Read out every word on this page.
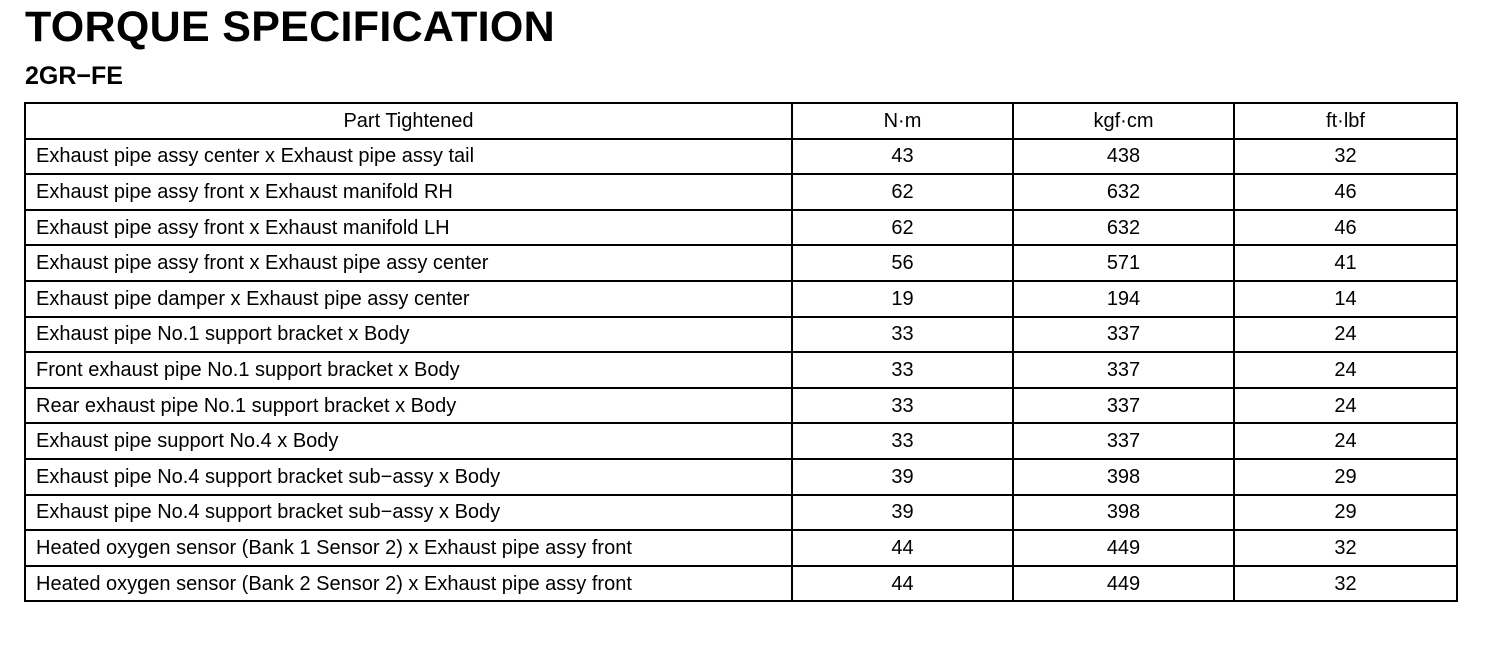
TORQUE SPECIFICATION
2GR−FE
Part Tightened	N·m	kgf·cm	ft·lbf
Exhaust pipe assy center x Exhaust pipe assy tail	43	438	32
Exhaust pipe assy front x Exhaust manifold RH	62	632	46
Exhaust pipe assy front x Exhaust manifold LH	62	632	46
Exhaust pipe assy front x Exhaust pipe assy center	56	571	41
Exhaust pipe damper x Exhaust pipe assy center	19	194	14
Exhaust pipe No.1 support bracket x Body	33	337	24
Front exhaust pipe No.1 support bracket x Body	33	337	24
Rear exhaust pipe No.1 support bracket x Body	33	337	24
Exhaust pipe support No.4 x Body	33	337	24
Exhaust pipe No.4 support bracket sub−assy x Body	39	398	29
Exhaust pipe No.4 support bracket sub−assy x Body	39	398	29
Heated oxygen sensor (Bank 1 Sensor 2) x Exhaust pipe assy front	44	449	32
Heated oxygen sensor (Bank 2 Sensor 2) x Exhaust pipe assy front	44	449	32
